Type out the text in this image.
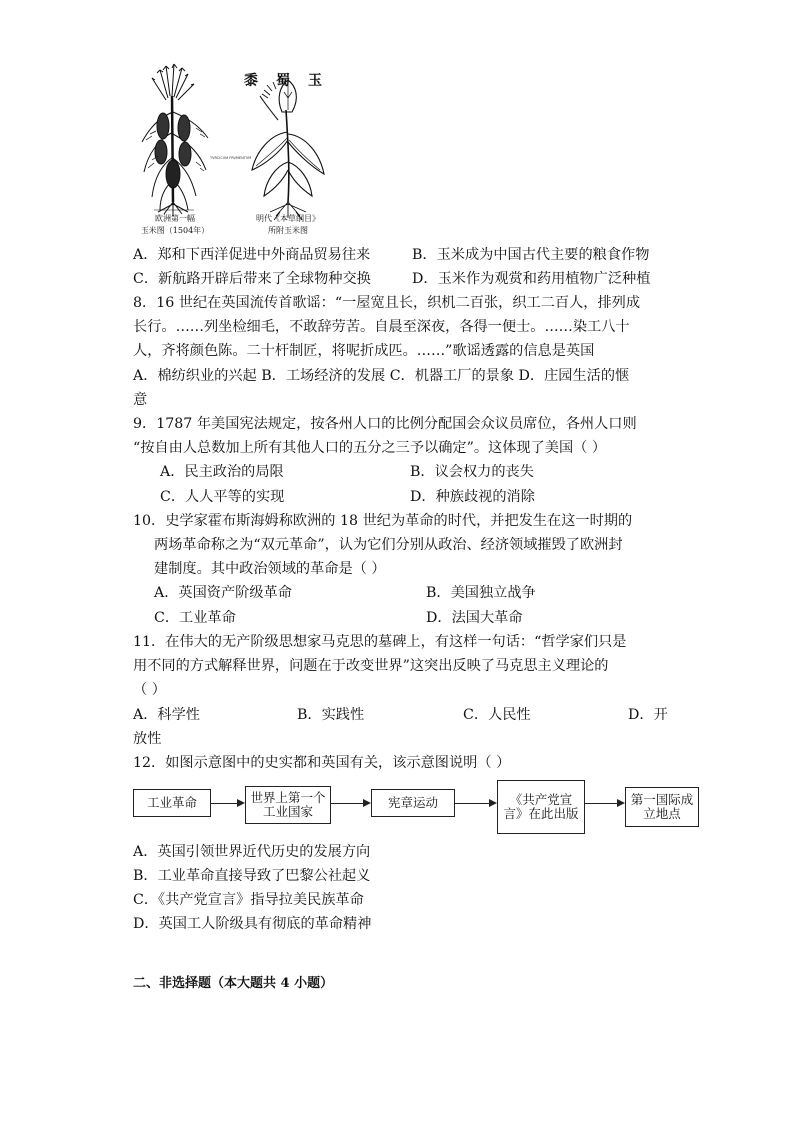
TVRCICVM FRVMENTVM
黍蜀玉
欧洲第一幅
玉米图（1504年）
明代《本草纲目》
所附玉米图
A．郑和下西洋促进中外商品贸易往来	B．玉米成为中国古代主要的粮食作物
C．新航路开辟后带来了全球物种交换	D．玉米作为观赏和药用植物广泛种植
8．16 世纪在英国流传首歌谣：“一屋宽且长，织机二百张，织工二百人，排列成
长行。……列坐检细毛，不敢辞劳苦。自晨至深夜，各得一便士。……染工八十
人，齐将颜色陈。二十杆制匠，将呢折成匹。……”歌谣透露的信息是英国
A．棉纺织业的兴起 B．工场经济的发展 C．机器工厂的景象 D．庄园生活的惬
意
9．1787 年美国宪法规定，按各州人口的比例分配国会众议员席位，各州人口则
“按自由人总数加上所有其他人口的五分之三予以确定”。这体现了美国（ ）
A．民主政治的局限	B．议会权力的丧失
C．人人平等的实现	D．种族歧视的消除
10．史学家霍布斯海姆称欧洲的 18 世纪为革命的时代，并把发生在这一时期的
两场革命称之为“双元革命”，认为它们分别从政治、经济领域摧毁了欧洲封
建制度。其中政治领域的革命是（ ）
A．英国资产阶级革命	B．美国独立战争
C．工业革命	D．法国大革命
11．在伟大的无产阶级思想家马克思的墓碑上，有这样一句话：“哲学家们只是
用不同的方式解释世界，问题在于改变世界”这突出反映了马克思主义理论的
（ ）
A．科学性	B．实践性	C．人民性	D．开
放性
12．如图示意图中的史实都和英国有关，该示意图说明（ ）
工业革命	世界上第一个工业国家
宪章运动	《共产党宣言》在此出版
第一国际成立地点
A．英国引领世界近代历史的发展方向
B．工业革命直接导致了巴黎公社起义
C．《共产党宣言》指导拉美民族革命
D．英国工人阶级具有彻底的革命精神
二、非选择题（本大题共 4 小题）
